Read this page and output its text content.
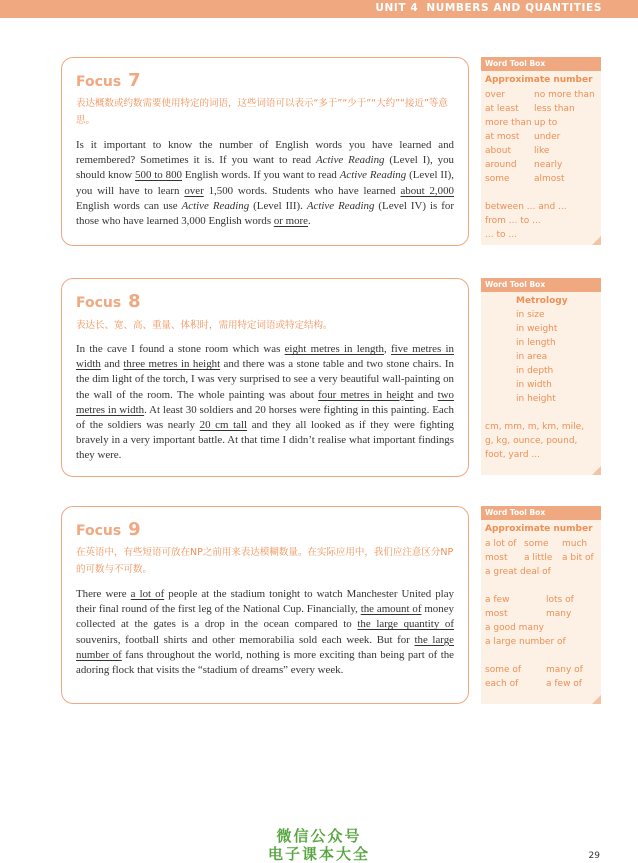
UNIT 4 NUMBERS AND QUANTITIES
Focus 7
表达概数或约数需要使用特定的词语，这些词语可以表示“多于”“少于”“大约”“接近”等意思。
Is it important to know the number of English words you have learned and remembered? Sometimes it is. If you want to read Active Reading (Level I), you should know 500 to 800 English words. If you want to read Active Reading (Level II), you will have to learn over 1,500 words. Students who have learned about 2,000 English words can use Active Reading (Level III). Active Reading (Level IV) is for those who have learned 3,000 English words or more.
Focus 8
表达长、宽、高、重量、体积时，需用特定词语或特定结构。
In the cave I found a stone room which was eight metres in length, five metres in width and three metres in height and there was a stone table and two stone chairs. In the dim light of the torch, I was very surprised to see a very beautiful wall-painting on the wall of the room. The whole painting was about four metres in height and two metres in width. At least 30 soldiers and 20 horses were fighting in this painting. Each of the soldiers was nearly 20 cm tall and they all looked as if they were fighting bravely in a very important battle. At that time I didn’t realise what important findings they were.
Focus 9
在英语中，有些短语可放在NP之前用来表达模糊数量。在实际应用中，我们应注意区分NP的可数与不可数。
There were a lot of people at the stadium tonight to watch Manchester United play their final round of the first leg of the National Cup. Financially, the amount of money collected at the gates is a drop in the ocean compared to the large quantity of souvenirs, football shirts and other memorabilia sold each week. But for the large number of fans throughout the world, nothing is more exciting than being part of the adoring flock that visits the “stadium of dreams” every week.
Word Tool Box
Approximate number
over
at least
more than
at most
about
around
some
no more than
less than
up to
under
like
nearly
almost
between ... and ...
from ... to ...
... to ...
Word Tool Box
Metrology
in size
in weight
in length
in area
in depth
in width
in height
cm, mm, m, km, mile,
g, kg, ounce, pound,
foot, yard ...
Word Tool Box
Approximate number
a lot of some much
most a little a bit of
a great deal of
a few
most
a good many
a large number of
lots of
many
some of
each of
many of
a few of
微信公众号
电子课本大全	29
